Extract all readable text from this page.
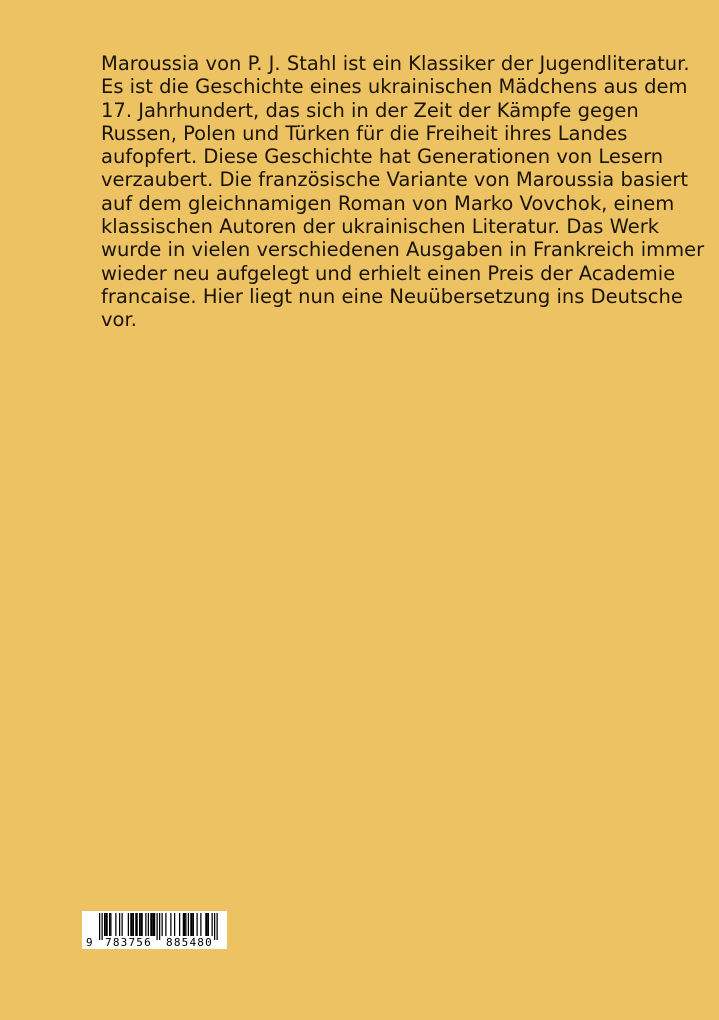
Maroussia von P. J. Stahl ist ein Klassiker der Jugendliteratur.
Es ist die Geschichte eines ukrainischen Mädchens aus dem
17. Jahrhundert, das sich in der Zeit der Kämpfe gegen
Russen, Polen und Türken für die Freiheit ihres Landes
aufopfert. Diese Geschichte hat Generationen von Lesern
verzaubert. Die französische Variante von Maroussia basiert
auf dem gleichnamigen Roman von Marko Vovchok, einem
klassischen Autoren der ukrainischen Literatur. Das Werk
wurde in vielen verschiedenen Ausgaben in Frankreich immer
wieder neu aufgelegt und erhielt einen Preis der Academie
francaise. Hier liegt nun eine Neuübersetzung ins Deutsche
vor.

9

783756

885480
